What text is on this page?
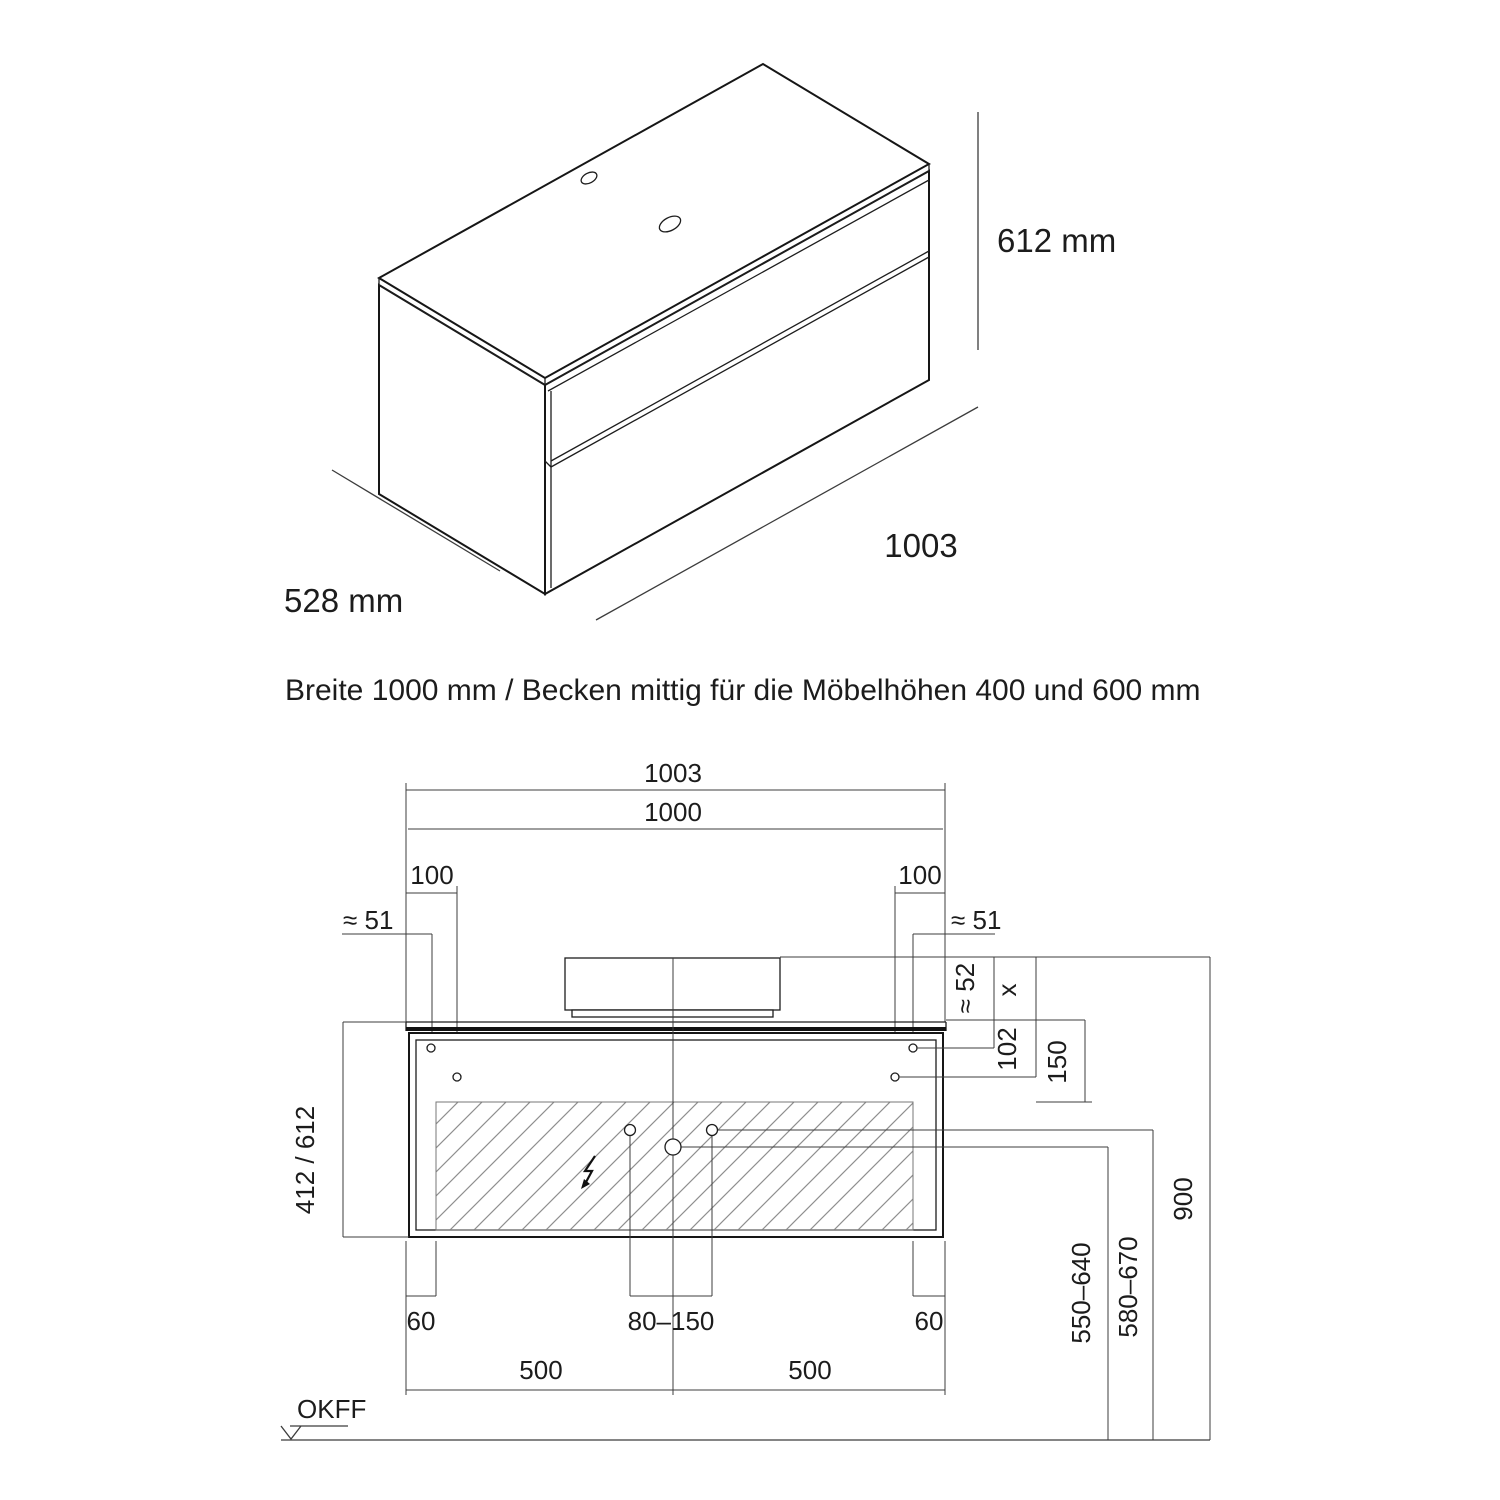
612 mm
1003
528 mm
Breite 1000 mm / Becken mittig für die Möbelhöhen 400 und 600 mm
1003
1000
100	100
≈ 51	≈ 51
≈ 52 x
102 150
412 / 612
60	80–150	60
500	500
550–640 580–670
900
OKFF
